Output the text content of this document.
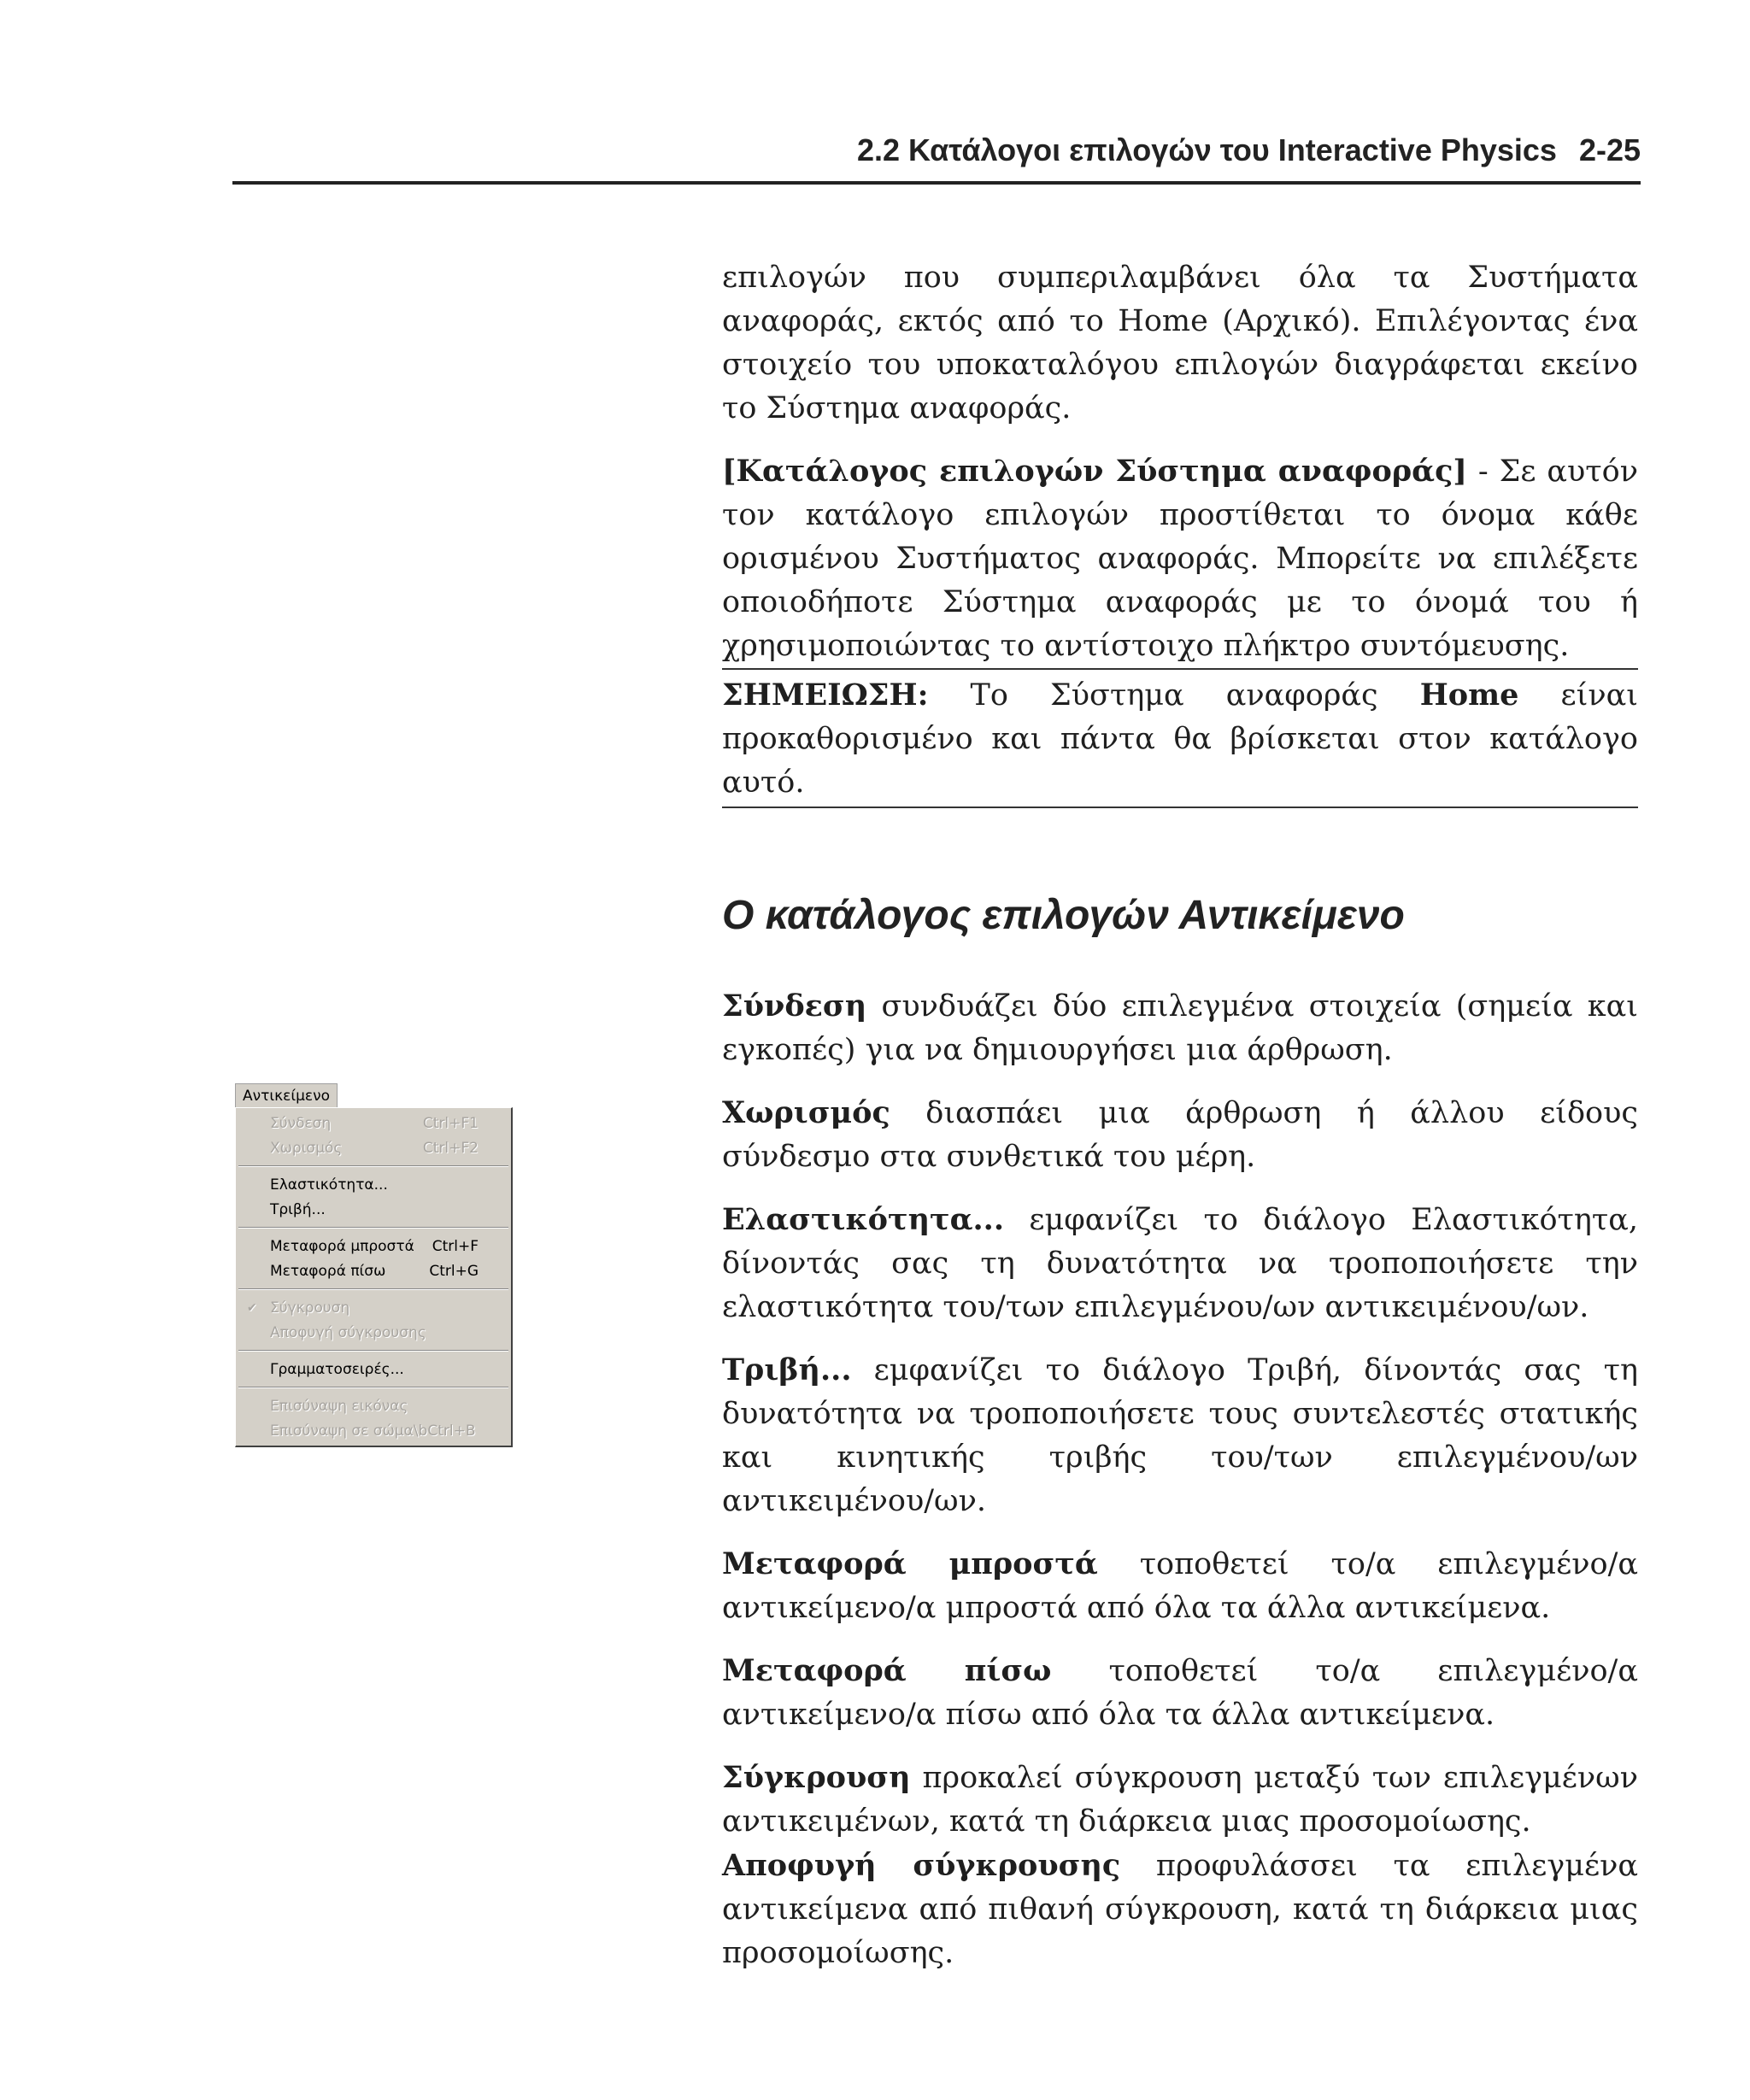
2.2 Κατάλογοι επιλογών του Interactive Physics 2-25

επιλογών που συμπεριλαμβάνει όλα τα Συστήματα αναφοράς, εκτός από το Home (Αρχικό). Επιλέγοντας ένα στοιχείο του υποκαταλόγου επιλογών διαγράφεται εκείνο το Σύστημα αναφοράς.

[Κατάλογος επιλογών Σύστημα αναφοράς] - Σε αυτόν τον κατάλογο επιλογών προστίθεται το όνομα κάθε ορισμένου Συστήματος αναφοράς. Μπορείτε να επιλέξετε οποιοδήποτε Σύστημα αναφοράς με το όνομά του ή χρησιμοποιώντας το αντίστοιχο πλήκτρο συντόμευσης.

ΣΗΜΕΙΩΣΗ: Το Σύστημα αναφοράς Home είναι προκαθορισμένο και πάντα θα βρίσκεται στον κατάλογο αυτό.

Ο κατάλογος επιλογών Αντικείμενο

Σύνδεση συνδυάζει δύο επιλεγμένα στοιχεία (σημεία και εγκοπές) για να δημιουργήσει μια άρθρωση.

Χωρισμός διασπάει μια άρθρωση ή άλλου είδους σύνδεσμο στα συνθετικά του μέρη.

Ελαστικότητα... εμφανίζει το διάλογο Ελαστικότητα, δίνοντάς σας τη δυνατότητα να τροποποιήσετε την ελαστικότητα του/των επιλεγμένου/ων αντικειμένου/ων.

Τριβή... εμφανίζει το διάλογο Τριβή, δίνοντάς σας τη δυνατότητα να τροποποιήσετε τους συντελεστές στατικής και κινητικής τριβής του/των επιλεγμένου/ων αντικειμένου/ων.

Μεταφορά μπροστά τοποθετεί το/α επιλεγμένο/α αντικείμενο/α μπροστά από όλα τα άλλα αντικείμενα.

Μεταφορά πίσω τοποθετεί το/α επιλεγμένο/α αντικείμενο/α πίσω από όλα τα άλλα αντικείμενα.

Σύγκρουση προκαλεί σύγκρουση μεταξύ των επιλεγμένων αντικειμένων, κατά τη διάρκεια μιας προσομοίωσης.

Αποφυγή σύγκρουσης προφυλάσσει τα επιλεγμένα αντικείμενα από πιθανή σύγκρουση, κατά τη διάρκεια μιας προσομοίωσης.

Αντικείμενο
Σύνδεση	Ctrl+F1
Χωρισμός	Ctrl+F2
Ελαστικότητα...
Τριβή...
Μεταφορά μπροστά Ctrl+F
Μεταφορά πίσω	Ctrl+G
✔ Σύγκρουση
Αποφυγή σύγκρουσης
Γραμματοσειρές...
Επισύναψη εικόνας
Επισύναψη σε σώμα\bCtrl+B
